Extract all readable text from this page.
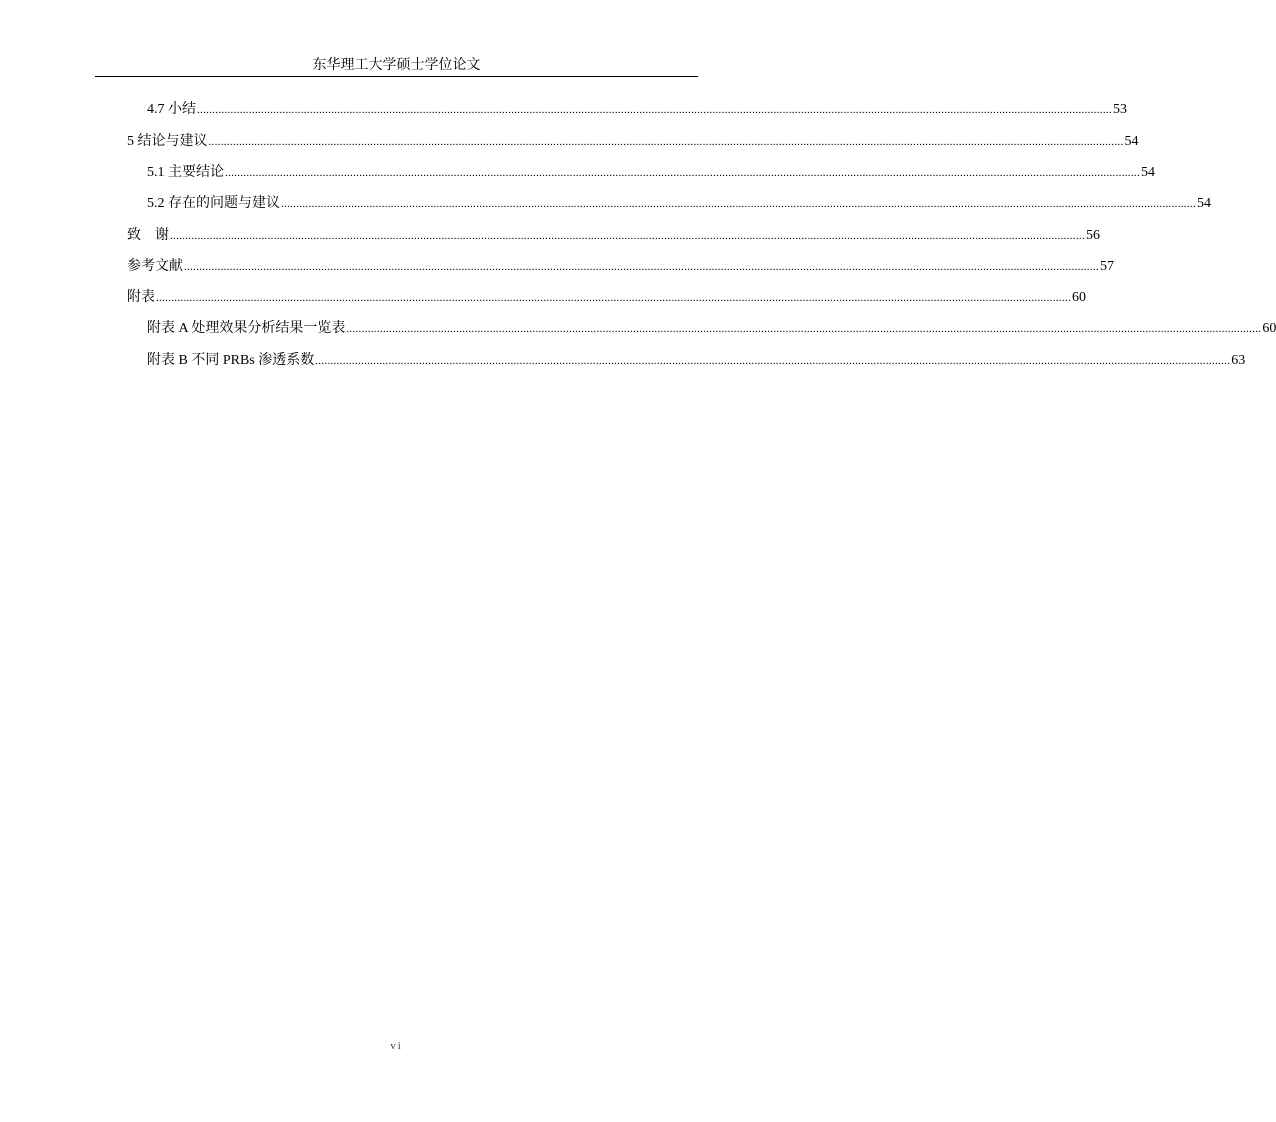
东华理工大学硕士学位论文
4.7 小结 ............................................................................................................................................................................................................................................................................................................ 53
5 结论与建议 ............................................................................................................................................................................................................................................................................................................ 54
5.1 主要结论 ............................................................................................................................................................................................................................................................................................................ 54
5.2 存在的问题与建议 ............................................................................................................................................................................................................................................................................................................ 54
致    谢 ............................................................................................................................................................................................................................................................................................................ 56
参考文献 ............................................................................................................................................................................................................................................................................................................ 57
附表 ............................................................................................................................................................................................................................................................................................................ 60
附表 A 处理效果分析结果一览表 ............................................................................................................................................................................................................................................................................................................ 60
附表 B 不同 PRBs 渗透系数 ............................................................................................................................................................................................................................................................................................................ 63
vi
